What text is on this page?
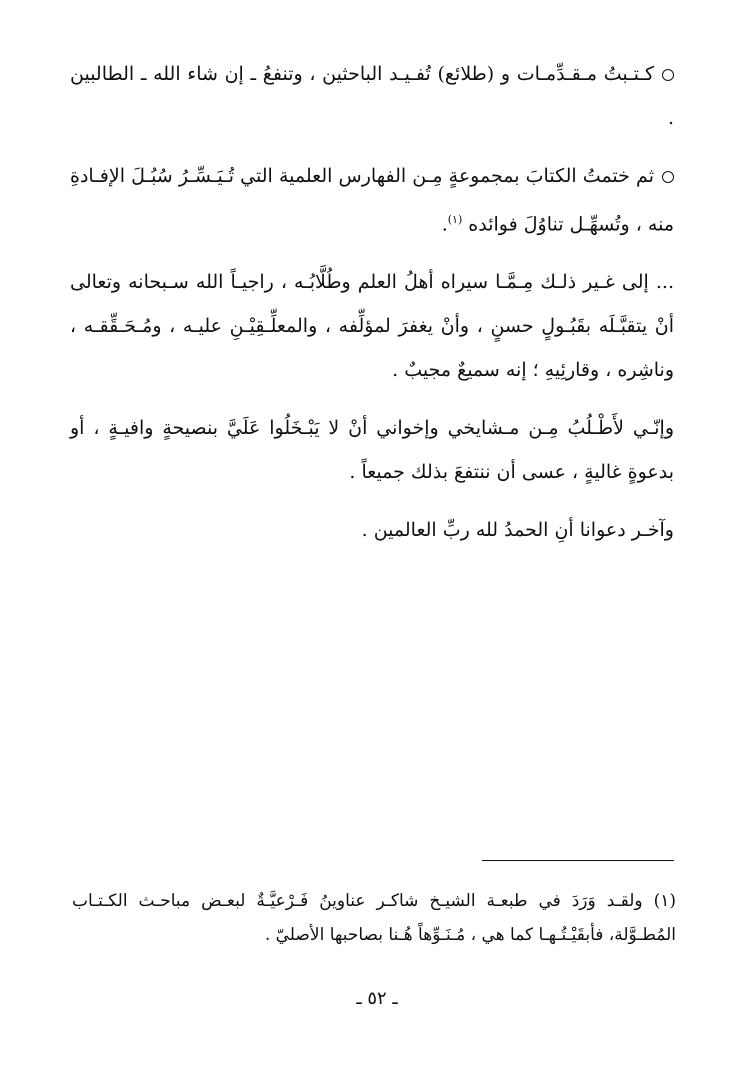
كـتـبتُ مـقـدِّمـات و (طلائع) تُفـيـد الباحثين ، وتنفعُ ـ إن شاء الله ـ الطالبين .

ثم ختمتُ الكتابَ بمجموعةٍ مِـن الفهارس العلمية التي تُـيَـسِّـرُ سُبُـلَ الإفـادةِ منه ، وتُسهِّـل تناوُلَ فوائده $^{(١)}$.

... إلى غـير ذلـك مِـمَّـا سيراه أهلُ العلم وطُلَّابُـه ، راجيـاً الله سـبحانه وتعالى أنْ يتقبَّـلَه بقَبُـولٍ حسنٍ ، وأنْ يغفرَ لمؤلِّفه ، والمعلِّـقِيْـنِ عليـه ، ومُـحَـقِّقـه ، وناشِره ، وقارئِيهِ ؛ إنه سميعٌ مجيبٌ .

وإنّـي لأَطْـلُبُ مِـن مـشايخي وإخواني أنْ لا يَبْـخَلُوا عَلَيَّ بنصيحةٍ وافيـةٍ ، أو بدعوةٍ غاليةٍ ، عسى أن ننتفعَ بذلك جميعاً .

وآخـر دعوانا أنِ الحمدُ لله ربِّ العالمين .

(١) ولقـد وَرَدَ في طبعـة الشيـخ شاكـر عناوينُ فَـرْعيَّـةٌ لبعـض مباحـث الكـتـاب المُطـوَّلة، فأبقَيْـتُـهـا كما هي ، مُـنَـوِّهاً هُـنا بصاحبها الأصليّ .
ـ ٥٢ ـ
